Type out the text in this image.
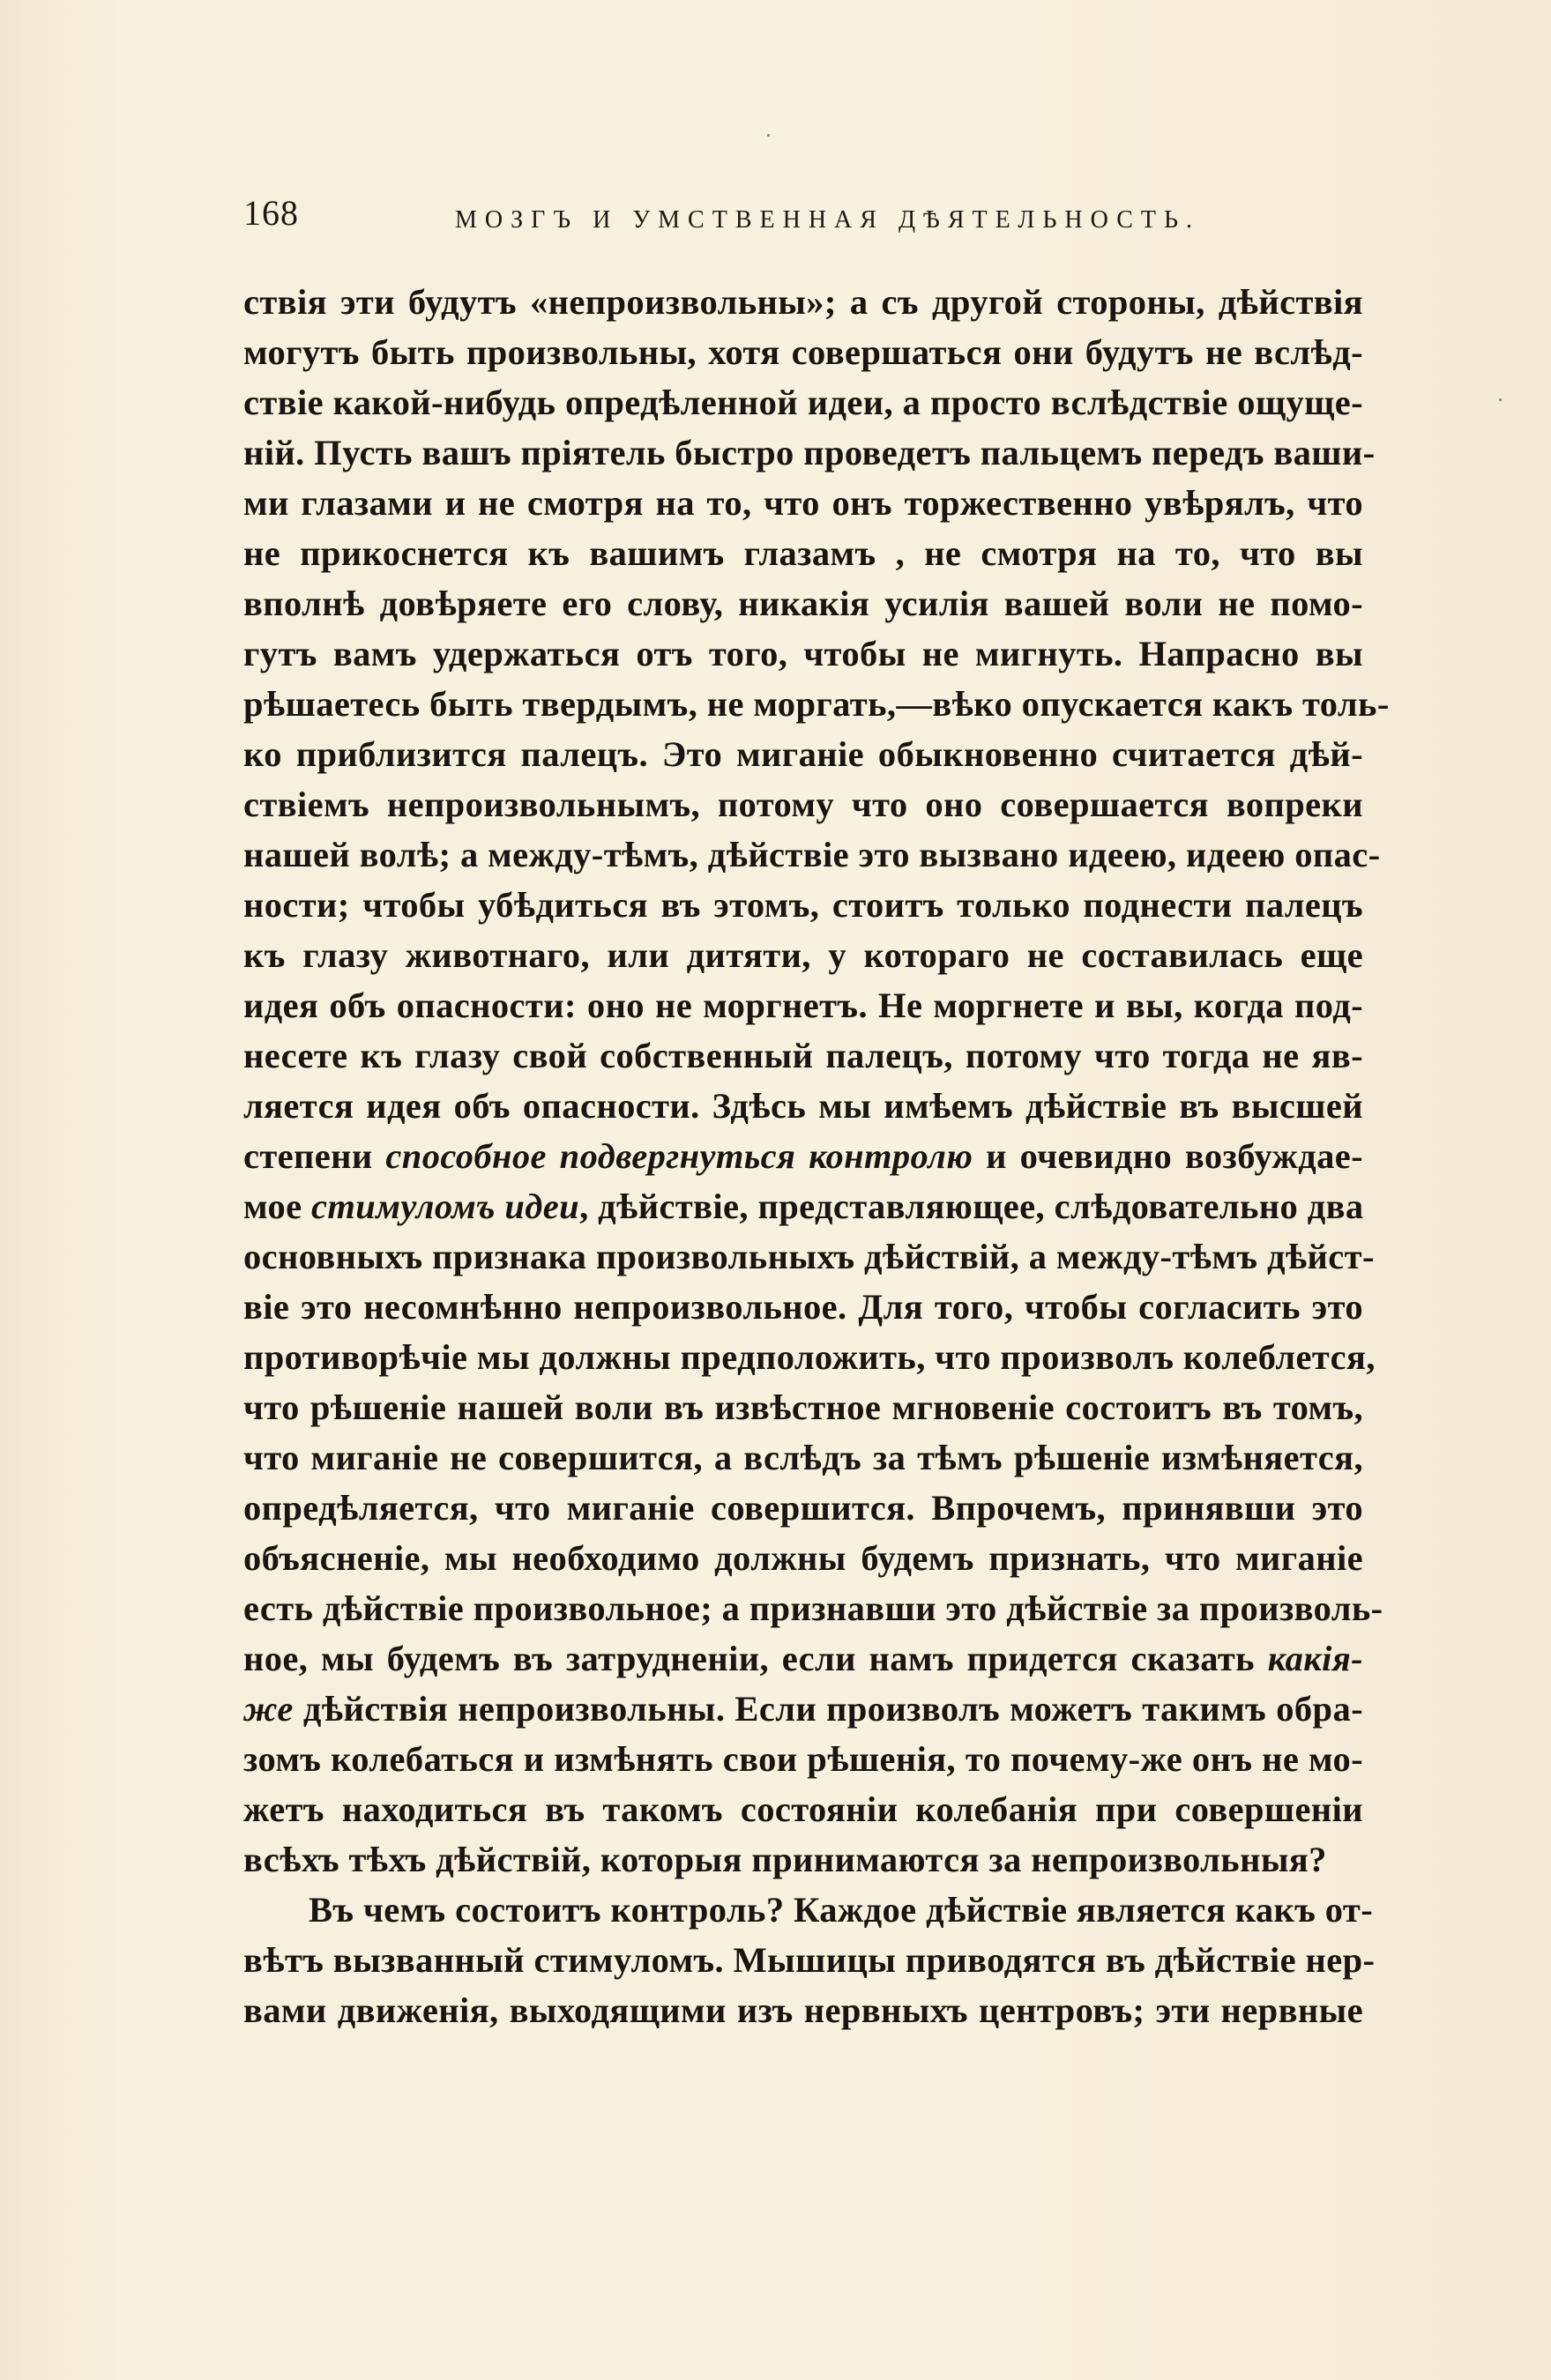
168	МОЗГЪ И УМСТВЕННАЯ ДѢЯТЕЛЬНОСТЬ.
ствія эти будутъ «непроизвольны»; а съ другой стороны, дѣйствія
могутъ быть произвольны, хотя совершаться они будутъ не вслѣд-
ствіе какой-нибудь опредѣленной идеи, а просто вслѣдствіе ощуще-
ній. Пусть вашъ пріятель быстро проведетъ пальцемъ передъ ваши-
ми глазами и не смотря на то, что онъ торжественно увѣрялъ, что
не прикоснется къ вашимъ глазамъ , не смотря на то, что вы
вполнѣ довѣряете его слову, никакія усилія вашей воли не помо-
гутъ вамъ удержаться отъ того, чтобы не мигнуть. Напрасно вы
рѣшаетесь быть твердымъ, не моргать,—вѣко опускается какъ толь-
ко приблизится палецъ. Это миганіе обыкновенно считается дѣй-
ствіемъ непроизвольнымъ, потому что оно совершается вопреки
нашей волѣ; а между-тѣмъ, дѣйствіе это вызвано идеею, идеею опас-
ности; чтобы убѣдиться въ этомъ, стоитъ только поднести палецъ
къ глазу животнаго, или дитяти, у котораго не составилась еще
идея объ опасности: оно не моргнетъ. Не моргнете и вы, когда под-
несете къ глазу свой собственный палецъ, потому что тогда не яв-
ляется идея объ опасности. Здѣсь мы имѣемъ дѣйствіе въ высшей
степени способное подвергнуться контролю и очевидно возбуждае-
мое стимуломъ идеи, дѣйствіе, представляющее, слѣдовательно два
основныхъ признака произвольныхъ дѣйствій, а между-тѣмъ дѣйст-
віе это несомнѣнно непроизвольное. Для того, чтобы согласить это
противорѣчіе мы должны предположить, что произволъ колеблется,
что рѣшеніе нашей воли въ извѣстное мгновеніе состоитъ въ томъ,
что миганіе не совершится, а вслѣдъ за тѣмъ рѣшеніе измѣняется,
опредѣляется, что миганіе совершится. Впрочемъ, принявши это
объясненіе, мы необходимо должны будемъ признать, что миганіе
есть дѣйствіе произвольное; а признавши это дѣйствіе за произволь-
ное, мы будемъ въ затрудненіи, если намъ придется сказать какія-
же дѣйствія непроизвольны. Если произволъ можетъ такимъ обра-
зомъ колебаться и измѣнять свои рѣшенія, то почему-же онъ не мо-
жетъ находиться въ такомъ состояніи колебанія при совершеніи
всѣхъ тѣхъ дѣйствій, которыя принимаются за непроизвольныя?
Въ чемъ состоитъ контроль? Каждое дѣйствіе является какъ от-
вѣтъ вызванный стимуломъ. Мышицы приводятся въ дѣйствіе нер-
вами движенія, выходящими изъ нервныхъ центровъ; эти нервные
